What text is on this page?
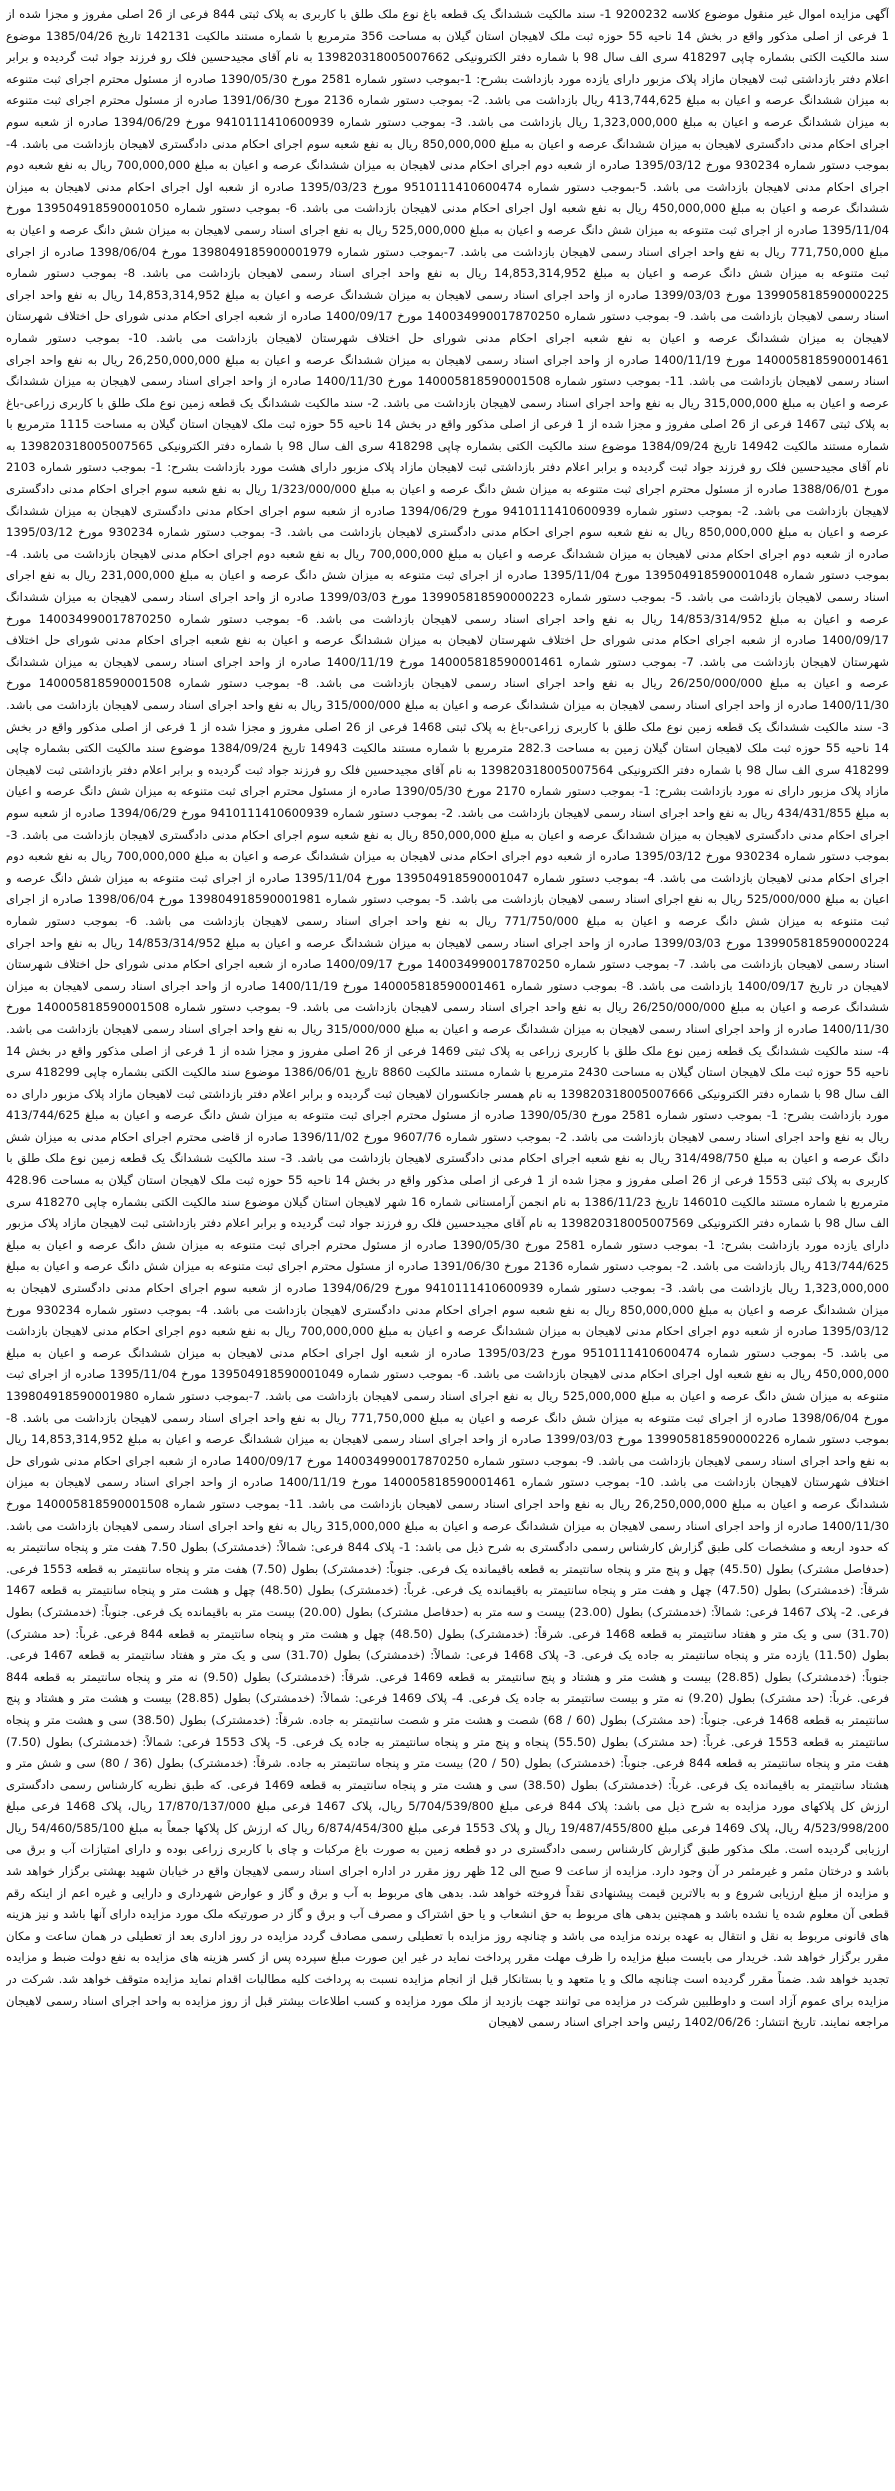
آگهی مزایده اموال غیر منقول موضوع کلاسه 9200232 1- سند مالکیت ششدانگ یک قطعه باغ نوع ملک طلق با کاربری به پلاک ثبتی 844 فرعی از 26 اصلی مفروز و مجزا شده از 1 فرعی از اصلی مذکور واقع در بخش 14 ناحیه 55 حوزه ثبت ملک لاهیجان استان گیلان به مساحت 356 مترمربع با شماره مستند مالکیت 142131 تاریخ 1385/04/26 موضوع سند مالکیت الکتی بشماره چاپی 418297 سری الف سال 98 با شماره دفتر الکترونیکی 139820318005007662 به نام آقای مجیدحسین فلک رو فرزند جواد ثبت گردیده و برابر اعلام دفتر بازداشتی ثبت لاهیجان مازاد پلاک مزبور دارای یازده مورد بازداشت بشرح: 1-بموجب دستور شماره 2581 مورخ 1390/05/30 صادره از مسئول محترم اجرای ثبت متنوعه به میزان ششدانگ عرصه و اعیان به مبلغ 413,744,625 ریال بازداشت می باشد. 2- بموجب دستور شماره 2136 مورخ 1391/06/30 صادره از مسئول محترم اجرای ثبت متنوعه به میزان ششدانگ عرصه و اعیان به مبلغ 1,323,000,000 ریال بازداشت می باشد. 3- بموجب دستور شماره 9410111410600939 مورخ 1394/06/29 صادره از شعبه سوم اجرای احکام مدنی دادگستری لاهیجان به میزان ششدانگ عرصه و اعیان به مبلغ 850,000,000 ریال به نفع شعبه سوم اجرای احکام مدنی دادگستری لاهیجان بازداشت می باشد. 4- بموجب دستور شماره 930234 مورخ 1395/03/12 صادره از شعبه دوم اجرای احکام مدنی لاهیجان به میزان ششدانگ عرصه و اعیان به مبلغ 700,000,000 ریال به نفع شعبه دوم اجرای احکام مدنی لاهیجان بازداشت می باشد. 5-بموجب دستور شماره 9510111410600474 مورخ 1395/03/23 صادره از شعبه اول اجرای احکام مدنی لاهیجان به میزان ششدانگ عرصه و اعیان به مبلغ 450,000,000 ریال به نفع شعبه اول اجرای احکام مدنی لاهیجان بازداشت می باشد. 6- بموجب دستور شماره 139504918590001050 مورخ 1395/11/04 صادره از اجرای ثبت متنوعه به میزان شش دانگ عرصه و اعیان به مبلغ 525,000,000 ریال به نفع اجرای اسناد رسمی لاهیجان به میزان شش دانگ عرصه و اعیان به مبلغ 771,750,000 ریال به نفع واحد اجرای اسناد رسمی لاهیجان بازداشت می باشد. 7-بموجب دستور شماره 1398049185900001979 مورخ 1398/06/04 صادره از اجرای ثبت متنوعه به میزان شش دانگ عرصه و اعیان به مبلغ 14,853,314,952 ریال به نفع واحد اجرای اسناد رسمی لاهیجان بازداشت می باشد. 8- بموجب دستور شماره 139905818590000225 مورخ 1399/03/03 صادره از واحد اجرای اسناد رسمی لاهیجان به میزان ششدانگ عرصه و اعیان به مبلغ 14,853,314,952 ریال به نفع واحد اجرای اسناد رسمی لاهیجان بازداشت می باشد. 9- بموجب دستور شماره 140034990017870250 مورخ 1400/09/17 صادره از شعبه اجرای احکام مدنی شورای حل اختلاف شهرستان لاهیجان به میزان ششدانگ عرصه و اعیان به نفع شعبه اجرای احکام مدنی شورای حل اختلاف شهرستان لاهیجان بازداشت می باشد. 10- بموجب دستور شماره 140005818590001461 مورخ 1400/11/19 صادره از واحد اجرای اسناد رسمی لاهیجان به میزان ششدانگ عرصه و اعیان به مبلغ 26,250,000,000 ریال به نفع واحد اجرای اسناد رسمی لاهیجان بازداشت می باشد. 11- بموجب دستور شماره 140005818590001508 مورخ 1400/11/30 صادره از واحد اجرای اسناد رسمی لاهیجان به میزان ششدانگ عرصه و اعیان به مبلغ 315,000,000 ریال به نفع واحد اجرای اسناد رسمی لاهیجان بازداشت می باشد. 2- سند مالکیت ششدانگ یک قطعه زمین نوع ملک طلق با کاربری زراعی-باغ به پلاک ثبتی 1467 فرعی از 26 اصلی مفروز و مجزا شده از 1 فرعی از اصلی مذکور واقع در بخش 14 ناحیه 55 حوزه ثبت ملک لاهیجان استان گیلان به مساحت 1115 مترمربع با شماره مستند مالکیت 14942 تاریخ 1384/09/24 موضوع سند مالکیت الکتی بشماره چاپی 418298 سری الف سال 98 با شماره دفتر الکترونیکی 139820318005007565 به نام آقای مجیدحسین فلک رو فرزند جواد ثبت گردیده و برابر اعلام دفتر بازداشتی ثبت لاهیجان مازاد پلاک مزبور دارای هشت مورد بازداشت بشرح: 1- بموجب دستور شماره 2103 مورخ 1388/06/01 صادره از مسئول محترم اجرای ثبت متنوعه به میزان شش دانگ عرصه و اعیان به مبلغ 1/323/000/000 ریال به نفع شعبه سوم اجرای احکام مدنی دادگستری لاهیجان بازداشت می باشد. 2- بموجب دستور شماره 9410111410600939 مورخ 1394/06/29 صادره از شعبه سوم اجرای احکام مدنی دادگستری لاهیجان به میزان ششدانگ عرصه و اعیان به مبلغ 850,000,000 ریال به نفع شعبه سوم اجرای احکام مدنی دادگستری لاهیجان بازداشت می باشد. 3- بموجب دستور شماره 930234 مورخ 1395/03/12 صادره از شعبه دوم اجرای احکام مدنی لاهیجان به میزان ششدانگ عرصه و اعیان به مبلغ 700,000,000 ریال به نفع شعبه دوم اجرای احکام مدنی لاهیجان بازداشت می باشد. 4- بموجب دستور شماره 139504918590001048 مورخ 1395/11/04 صادره از اجرای ثبت متنوعه به میزان شش دانگ عرصه و اعیان به مبلغ 231,000,000 ریال به نفع اجرای اسناد رسمی لاهیجان بازداشت می باشد. 5- بموجب دستور شماره 139905818590000223 مورخ 1399/03/03 صادره از واحد اجرای اسناد رسمی لاهیجان به میزان ششدانگ عرصه و اعیان به مبلغ 14/853/314/952 ریال به نفع واحد اجرای اسناد رسمی لاهیجان بازداشت می باشد. 6- بموجب دستور شماره 140034990017870250 مورخ 1400/09/17 صادره از شعبه اجرای احکام مدنی شورای حل اختلاف شهرستان لاهیجان به میزان ششدانگ عرصه و اعیان به نفع شعبه اجرای احکام مدنی شورای حل اختلاف شهرستان لاهیجان بازداشت می باشد. 7- بموجب دستور شماره 140005818590001461 مورخ 1400/11/19 صادره از واحد اجرای اسناد رسمی لاهیجان به میزان ششدانگ عرصه و اعیان به مبلغ 26/250/000/000 ریال به نفع واحد اجرای اسناد رسمی لاهیجان بازداشت می باشد. 8- بموجب دستور شماره 140005818590001508 مورخ 1400/11/30 صادره از واحد اجرای اسناد رسمی لاهیجان به میزان ششدانگ عرصه و اعیان به مبلغ 315/000/000 ریال به نفع واحد اجرای اسناد رسمی لاهیجان بازداشت می باشد. 3- سند مالکیت ششدانگ یک قطعه زمین نوع ملک طلق با کاربری زراعی-باغ به پلاک ثبتی 1468 فرعی از 26 اصلی مفروز و مجزا شده از 1 فرعی از اصلی مذکور واقع در بخش 14 ناحیه 55 حوزه ثبت ملک لاهیجان استان گیلان زمین به مساحت 282.3 مترمربع با شماره مستند مالکیت 14943 تاریخ 1384/09/24 موضوع سند مالکیت الکتی بشماره چاپی 418299 سری الف سال 98 با شماره دفتر الکترونیکی 139820318005007564 به نام آقای مجیدحسین فلک رو فرزند جواد ثبت گردیده و برابر اعلام دفتر بازداشتی ثبت لاهیجان مازاد پلاک مزبور دارای نه مورد بازداشت بشرح: 1- بموجب دستور شماره 2170 مورخ 1390/05/30 صادره از مسئول محترم اجرای ثبت متنوعه به میزان شش دانگ عرصه و اعیان به مبلغ 434/431/855 ریال به نفع واحد اجرای اسناد رسمی لاهیجان بازداشت می باشد. 2- بموجب دستور شماره 9410111410600939 مورخ 1394/06/29 صادره از شعبه سوم اجرای احکام مدنی دادگستری لاهیجان به میزان ششدانگ عرصه و اعیان به مبلغ 850,000,000 ریال به نفع شعبه سوم اجرای احکام مدنی دادگستری لاهیجان بازداشت می باشد. 3- بموجب دستور شماره 930234 مورخ 1395/03/12 صادره از شعبه دوم اجرای احکام مدنی لاهیجان به میزان ششدانگ عرصه و اعیان به مبلغ 700,000,000 ریال به نفع شعبه دوم اجرای احکام مدنی لاهیجان بازداشت می باشد. 4- بموجب دستور شماره 139504918590001047 مورخ 1395/11/04 صادره از اجرای ثبت متنوعه به میزان شش دانگ عرصه و اعیان به مبلغ 525/000/000 ریال به نفع اجرای اسناد رسمی لاهیجان بازداشت می باشد. 5- بموجب دستور شماره 139804918590001981 مورخ 1398/06/04 صادره از اجرای ثبت متنوعه به میزان شش دانگ عرصه و اعیان به مبلغ 771/750/000 ریال به نفع واحد اجرای اسناد رسمی لاهیجان بازداشت می باشد. 6- بموجب دستور شماره 139905818590000224 مورخ 1399/03/03 صادره از واحد اجرای اسناد رسمی لاهیجان به میزان ششدانگ عرصه و اعیان به مبلغ 14/853/314/952 ریال به نفع واحد اجرای اسناد رسمی لاهیجان بازداشت می باشد. 7- بموجب دستور شماره 140034990017870250 مورخ 1400/09/17 صادره از شعبه اجرای احکام مدنی شورای حل اختلاف شهرستان لاهیجان در تاریخ 1400/09/17 بازداشت می باشد. 8- بموجب دستور شماره 140005818590001461 مورخ 1400/11/19 صادره از واحد اجرای اسناد رسمی لاهیجان به میزان ششدانگ عرصه و اعیان به مبلغ 26/250/000/000 ریال به نفع واحد اجرای اسناد رسمی لاهیجان بازداشت می باشد. 9- بموجب دستور شماره 140005818590001508 مورخ 1400/11/30 صادره از واحد اجرای اسناد رسمی لاهیجان به میزان ششدانگ عرصه و اعیان به مبلغ 315/000/000 ریال به نفع واحد اجرای اسناد رسمی لاهیجان بازداشت می باشد. 4- سند مالکیت ششدانگ یک قطعه زمین نوع ملک طلق با کاربری زراعی به پلاک ثبتی 1469 فرعی از 26 اصلی مفروز و مجزا شده از 1 فرعی از اصلی مذکور واقع در بخش 14 ناحیه 55 حوزه ثبت ملک لاهیجان استان گیلان به مساحت 2430 مترمربع با شماره مستند مالکیت 8860 تاریخ 1386/06/01 موضوع سند مالکیت الکتی بشماره چاپی 418299 سری الف سال 98 با شماره دفتر الکترونیکی 139820318005007666 به نام همسر جانکسوران لاهیجان ثبت گردیده و برابر اعلام دفتر بازداشتی ثبت لاهیجان مازاد پلاک مزبور دارای ده مورد بازداشت بشرح: 1- بموجب دستور شماره 2581 مورخ 1390/05/30 صادره از مسئول محترم اجرای ثبت متنوعه به میزان شش دانگ عرصه و اعیان به مبلغ 413/744/625 ریال به نفع واحد اجرای اسناد رسمی لاهیجان بازداشت می باشد. 2- بموجب دستور شماره 9607/76 مورخ 1396/11/02 صادره از قاضی محترم اجرای احکام مدنی به میزان شش دانگ عرصه و اعیان به مبلغ 314/498/750 ریال به نفع شعبه اجرای احکام مدنی دادگستری لاهیجان بازداشت می باشد. 3- سند مالکیت ششدانگ یک قطعه زمین نوع ملک طلق با کاربری به پلاک ثبتی 1553 فرعی از 26 اصلی مفروز و مجزا شده از 1 فرعی از اصلی مذکور واقع در بخش 14 ناحیه 55 حوزه ثبت ملک لاهیجان استان گیلان به مساحت 428.96 مترمربع با شماره مستند مالکیت 146010 تاریخ 1386/11/23 به نام انجمن آرامستانی شماره 16 شهر لاهیجان استان گیلان موضوع سند مالکیت الکتی بشماره چاپی 418270 سری الف سال 98 با شماره دفتر الکترونیکی 139820318005007569 به نام آقای مجیدحسین فلک رو فرزند جواد ثبت گردیده و برابر اعلام دفتر بازداشتی ثبت لاهیجان مازاد پلاک مزبور دارای یازده مورد بازداشت بشرح: 1- بموجب دستور شماره 2581 مورخ 1390/05/30 صادره از مسئول محترم اجرای ثبت متنوعه به میزان شش دانگ عرصه و اعیان به مبلغ 413/744/625 ریال بازداشت می باشد. 2- بموجب دستور شماره 2136 مورخ 1391/06/30 صادره از مسئول محترم اجرای ثبت متنوعه به میزان شش دانگ عرصه و اعیان به مبلغ 1,323,000,000 ریال بازداشت می باشد. 3- بموجب دستور شماره 9410111410600939 مورخ 1394/06/29 صادره از شعبه سوم اجرای احکام مدنی دادگستری لاهیجان به میزان ششدانگ عرصه و اعیان به مبلغ 850,000,000 ریال به نفع شعبه سوم اجرای احکام مدنی دادگستری لاهیجان بازداشت می باشد. 4- بموجب دستور شماره 930234 مورخ 1395/03/12 صادره از شعبه دوم اجرای احکام مدنی لاهیجان به میزان ششدانگ عرصه و اعیان به مبلغ 700,000,000 ریال به نفع شعبه دوم اجرای احکام مدنی لاهیجان بازداشت می باشد. 5- بموجب دستور شماره 9510111410600474 مورخ 1395/03/23 صادره از شعبه اول اجرای احکام مدنی لاهیجان به میزان ششدانگ عرصه و اعیان به مبلغ 450,000,000 ریال به نفع شعبه اول اجرای احکام مدنی لاهیجان بازداشت می باشد. 6- بموجب دستور شماره 139504918590001049 مورخ 1395/11/04 صادره از اجرای ثبت متنوعه به میزان شش دانگ عرصه و اعیان به مبلغ 525,000,000 ریال به نفع اجرای اسناد رسمی لاهیجان بازداشت می باشد. 7-بموجب دستور شماره 139804918590001980 مورخ 1398/06/04 صادره از اجرای ثبت متنوعه به میزان شش دانگ عرصه و اعیان به مبلغ 771,750,000 ریال به نفع واحد اجرای اسناد رسمی لاهیجان بازداشت می باشد. 8- بموجب دستور شماره 139905818590000226 مورخ 1399/03/03 صادره از واحد اجرای اسناد رسمی لاهیجان به میزان ششدانگ عرصه و اعیان به مبلغ 14,853,314,952 ریال به نفع واحد اجرای اسناد رسمی لاهیجان بازداشت می باشد. 9- بموجب دستور شماره 140034990017870250 مورخ 1400/09/17 صادره از شعبه اجرای احکام مدنی شورای حل اختلاف شهرستان لاهیجان بازداشت می باشد. 10- بموجب دستور شماره 140005818590001461 مورخ 1400/11/19 صادره از واحد اجرای اسناد رسمی لاهیجان به میزان ششدانگ عرصه و اعیان به مبلغ 26,250,000,000 ریال به نفع واحد اجرای اسناد رسمی لاهیجان بازداشت می باشد. 11- بموجب دستور شماره 140005818590001508 مورخ 1400/11/30 صادره از واحد اجرای اسناد رسمی لاهیجان به میزان ششدانگ عرصه و اعیان به مبلغ 315,000,000 ریال به نفع واحد اجرای اسناد رسمی لاهیجان بازداشت می باشد. که حدود اربعه و مشخصات کلی طبق گزارش کارشناس رسمی دادگستری به شرح ذیل می باشد: 1- پلاک 844 فرعی: شمالاً: (خدمشترک) بطول 7.50 هفت متر و پنجاه سانتیمتر به (حدفاصل مشترک) بطول (45.50) چهل و پنج متر و پنجاه سانتیمتر به قطعه باقیمانده یک فرعی. جنوباً: (خدمشترک) بطول (7.50) هفت متر و پنجاه سانتیمتر به قطعه 1553 فرعی. شرقاً: (خدمشترک) بطول (47.50) چهل و هفت متر و پنجاه سانتیمتر به باقیمانده یک فرعی. غرباً: (خدمشترک) بطول (48.50) چهل و هشت متر و پنجاه سانتیمتر به قطعه 1467 فرعی. 2- پلاک 1467 فرعی: شمالاً: (خدمشترک) بطول (23.00) بیست و سه متر به (حدفاصل مشترک) بطول (20.00) بیست متر به باقیمانده یک فرعی. جنوباً: (خدمشترک) بطول (31.70) سی و یک متر و هفتاد سانتیمتر به قطعه 1468 فرعی. شرقاً: (خدمشترک) بطول (48.50) چهل و هشت متر و پنجاه سانتیمتر به قطعه 844 فرعی. غرباً: (حد مشترک) بطول (11.50) یازده متر و پنجاه سانتیمتر به جاده یک فرعی. 3- پلاک 1468 فرعی: شمالاً: (خدمشترک) بطول (31.70) سی و یک متر و هفتاد سانتیمتر به قطعه 1467 فرعی. جنوباً: (خدمشترک) بطول (28.85) بیست و هشت متر و هشتاد و پنج سانتیمتر به قطعه 1469 فرعی. شرقاً: (خدمشترک) بطول (9.50) نه متر و پنجاه سانتیمتر به قطعه 844 فرعی. غرباً: (حد مشترک) بطول (9.20) نه متر و بیست سانتیمتر به جاده یک فرعی. 4- پلاک 1469 فرعی: شمالاً: (خدمشترک) بطول (28.85) بیست و هشت متر و هشتاد و پنج سانتیمتر به قطعه 1468 فرعی. جنوباً: (حد مشترک) بطول (60 / 68) شصت و هشت متر و شصت سانتیمتر به جاده. شرقاً: (خدمشترک) بطول (38.50) سی و هشت متر و پنجاه سانتیمتر به قطعه 1553 فرعی. غرباً: (حد مشترک) بطول (55.50) پنجاه و پنج متر و پنجاه سانتیمتر به جاده یک فرعی. 5- پلاک 1553 فرعی: شمالاً: (خدمشترک) بطول (7.50) هفت متر و پنجاه سانتیمتر به قطعه 844 فرعی. جنوباً: (خدمشترک) بطول (50 / 20) بیست متر و پنجاه سانتیمتر به جاده. شرقاً: (خدمشترک) بطول (36 / 80) سی و شش متر و هشتاد سانتیمتر به باقیمانده یک فرعی. غرباً: (خدمشترک) بطول (38.50) سی و هشت متر و پنجاه سانتیمتر به قطعه 1469 فرعی. که طبق نظریه کارشناس رسمی دادگستری ارزش کل پلاکهای مورد مزایده به شرح ذیل می باشد: پلاک 844 فرعی مبلغ 5/704/539/800 ریال، پلاک 1467 فرعی مبلغ 17/870/137/000 ریال، پلاک 1468 فرعی مبلغ 4/523/998/200 ریال، پلاک 1469 فرعی مبلغ 19/487/455/800 ریال و پلاک 1553 فرعی مبلغ 6/874/454/300 ریال که ارزش کل پلاکها جمعاً به مبلغ 54/460/585/100 ریال ارزیابی گردیده است. ملک مذکور طبق گزارش کارشناس رسمی دادگستری در دو قطعه زمین به صورت باغ مرکبات و چای با کاربری زراعی بوده و دارای امتیازات آب و برق می باشد و درختان مثمر و غیرمثمر در آن وجود دارد. مزایده از ساعت 9 صبح الی 12 ظهر روز مقرر در اداره اجرای اسناد رسمی لاهیجان واقع در خیابان شهید بهشتی برگزار خواهد شد و مزایده از مبلغ ارزیابی شروع و به بالاترین قیمت پیشنهادی نقداً فروخته خواهد شد. بدهی های مربوط به آب و برق و گاز و عوارض شهرداری و دارایی و غیره اعم از اینکه رقم قطعی آن معلوم شده یا نشده باشد و همچنین بدهی های مربوط به حق انشعاب و یا حق اشتراک و مصرف آب و برق و گاز در صورتیکه ملک مورد مزایده دارای آنها باشد و نیز هزینه های قانونی مربوط به نقل و انتقال به عهده برنده مزایده می باشد و چنانچه روز مزایده با تعطیلی رسمی مصادف گردد مزایده در روز اداری بعد از تعطیلی در همان ساعت و مکان مقرر برگزار خواهد شد. خریدار می بایست مبلغ مزایده را ظرف مهلت مقرر پرداخت نماید در غیر این صورت مبلغ سپرده پس از کسر هزینه های مزایده به نفع دولت ضبط و مزایده تجدید خواهد شد. ضمناً مقرر گردیده است چنانچه مالک و یا متعهد و یا بستانکار قبل از انجام مزایده نسبت به پرداخت کلیه مطالبات اقدام نماید مزایده متوقف خواهد شد. شرکت در مزایده برای عموم آزاد است و داوطلبین شرکت در مزایده می توانند جهت بازدید از ملک مورد مزایده و کسب اطلاعات بیشتر قبل از روز مزایده به واحد اجرای اسناد رسمی لاهیجان مراجعه نمایند. تاریخ انتشار: 1402/06/26 رئیس واحد اجرای اسناد رسمی لاهیجان
